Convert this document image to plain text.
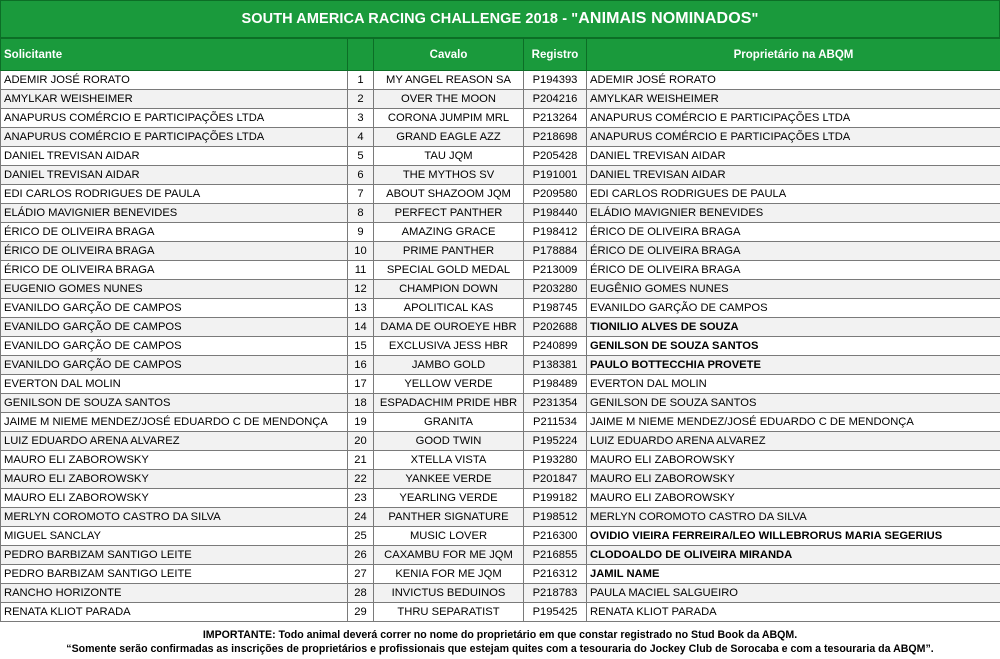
SOUTH AMERICA RACING CHALLENGE 2018 - " ANIMAIS NOMINADOS "
Solicitante		Cavalo	Registro	Proprietário na ABQM
ADEMIR JOSÉ RORATO	1	MY ANGEL REASON SA	P194393	ADEMIR JOSÉ RORATO
AMYLKAR WEISHEIMER	2	OVER THE MOON	P204216	AMYLKAR WEISHEIMER
ANAPURUS COMÉRCIO E PARTICIPAÇÕES LTDA	3	CORONA JUMPIM MRL	P213264	ANAPURUS COMÉRCIO E PARTICIPAÇÕES LTDA
ANAPURUS COMÉRCIO E PARTICIPAÇÕES LTDA	4	GRAND EAGLE AZZ	P218698	ANAPURUS COMÉRCIO E PARTICIPAÇÕES LTDA
DANIEL TREVISAN AIDAR	5	TAU JQM	P205428	DANIEL TREVISAN AIDAR
DANIEL TREVISAN AIDAR	6	THE MYTHOS SV	P191001	DANIEL TREVISAN AIDAR
EDI CARLOS RODRIGUES DE PAULA	7	ABOUT SHAZOOM JQM	P209580	EDI CARLOS RODRIGUES DE PAULA
ELÁDIO MAVIGNIER BENEVIDES	8	PERFECT PANTHER	P198440	ELÁDIO MAVIGNIER BENEVIDES
ÉRICO DE OLIVEIRA BRAGA	9	AMAZING GRACE	P198412	ÉRICO DE OLIVEIRA BRAGA
ÉRICO DE OLIVEIRA BRAGA	10	PRIME PANTHER	P178884	ÉRICO DE OLIVEIRA BRAGA
ÉRICO DE OLIVEIRA BRAGA	11	SPECIAL GOLD MEDAL	P213009	ÉRICO DE OLIVEIRA BRAGA
EUGENIO GOMES NUNES	12	CHAMPION DOWN	P203280	EUGÊNIO GOMES NUNES
EVANILDO GARÇÃO DE CAMPOS	13	APOLITICAL KAS	P198745	EVANILDO GARÇÃO DE CAMPOS
EVANILDO GARÇÃO DE CAMPOS	14	DAMA DE OUROEYE HBR	P202688	TIONILIO ALVES DE SOUZA
EVANILDO GARÇÃO DE CAMPOS	15	EXCLUSIVA JESS HBR	P240899	GENILSON DE SOUZA SANTOS
EVANILDO GARÇÃO DE CAMPOS	16	JAMBO GOLD	P138381	PAULO BOTTECCHIA PROVETE
EVERTON DAL MOLIN	17	YELLOW VERDE	P198489	EVERTON DAL MOLIN
GENILSON DE SOUZA SANTOS	18	ESPADACHIM PRIDE HBR	P231354	GENILSON DE SOUZA SANTOS
JAIME M NIEME MENDEZ/JOSÉ EDUARDO C DE MENDONÇA	19	GRANITA	P211534	JAIME M NIEME MENDEZ/JOSÉ EDUARDO C DE MENDONÇA
LUIZ EDUARDO ARENA ALVAREZ	20	GOOD TWIN	P195224	LUIZ EDUARDO ARENA ALVAREZ
MAURO ELI ZABOROWSKY	21	XTELLA VISTA	P193280	MAURO ELI ZABOROWSKY
MAURO ELI ZABOROWSKY	22	YANKEE VERDE	P201847	MAURO ELI ZABOROWSKY
MAURO ELI ZABOROWSKY	23	YEARLING VERDE	P199182	MAURO ELI ZABOROWSKY
MERLYN COROMOTO CASTRO DA SILVA	24	PANTHER SIGNATURE	P198512	MERLYN COROMOTO CASTRO DA SILVA
MIGUEL SANCLAY	25	MUSIC LOVER	P216300	OVIDIO VIEIRA FERREIRA/LEO WILLEBRORUS MARIA SEGERIUS
PEDRO BARBIZAM SANTIGO LEITE	26	CAXAMBU FOR ME JQM	P216855	CLODOALDO DE OLIVEIRA MIRANDA
PEDRO BARBIZAM SANTIGO LEITE	27	KENIA FOR ME JQM	P216312	JAMIL NAME
RANCHO HORIZONTE	28	INVICTUS BEDUINOS	P218783	PAULA MACIEL SALGUEIRO
RENATA KLIOT PARADA	29	THRU SEPARATIST	P195425	RENATA KLIOT PARADA
IMPORTANTE: Todo animal deverá correr no nome do proprietário em que constar registrado no Stud Book da ABQM.
“Somente serão confirmadas as inscrições de proprietários e profissionais que estejam quites com a tesouraria do Jockey Club de Sorocaba e com a tesouraria da ABQM”.
